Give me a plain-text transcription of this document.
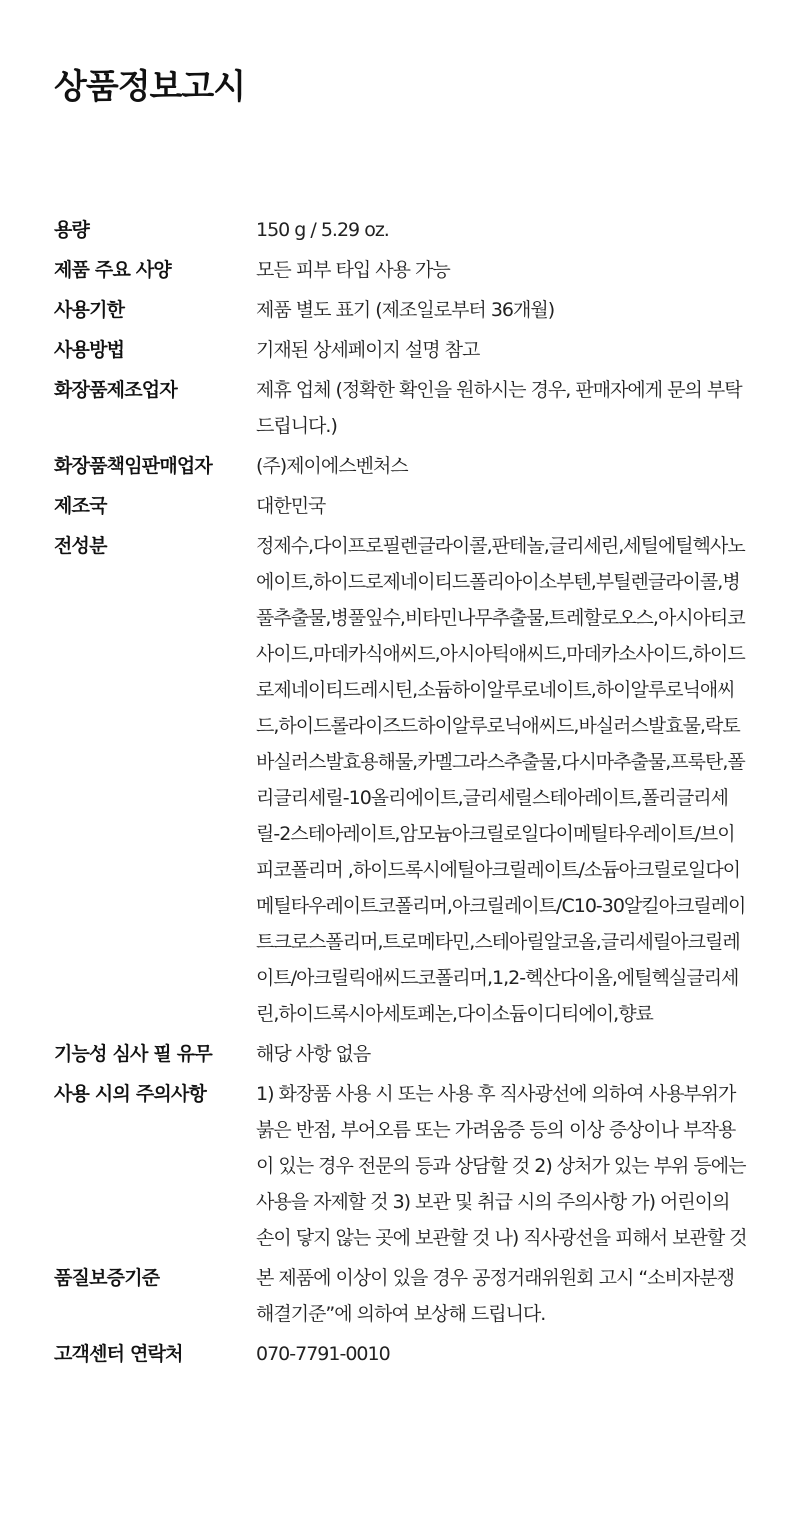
상품정보고시
용량	150 g / 5.29 oz.
제품 주요 사양	모든 피부 타입 사용 가능
사용기한	제품 별도 표기 (제조일로부터 36개월)
사용방법	기재된 상세페이지 설명 참고
화장품제조업자	제휴 업체 (정확한 확인을 원하시는 경우, 판매자에게 문의 부탁드립니다.)
화장품책임판매업자	(주)제이에스벤처스
제조국	대한민국
전성분	정제수,다이프로필렌글라이콜,판테놀,글리세린,세틸에틸헥사노에이트,하이드로제네이티드폴리아이소부텐,부틸렌글라이콜,병풀추출물,병풀잎수,비타민나무추출물,트레할로오스,아시아티코사이드,마데카식애씨드,아시아틱애씨드,마데카소사이드,하이드로제네이티드레시틴,소듐하이알루로네이트,하이알루로닉애씨드,하이드롤라이즈드하이알루로닉애씨드,바실러스발효물,락토바실러스발효용해물,카멜그라스추출물,다시마추출물,프룩탄,폴리글리세릴-10올리에이트,글리세릴스테아레이트,폴리글리세릴-2스테아레이트,암모늄아크릴로일다이메틸타우레이트/브이피코폴리머 ,하이드록시에틸아크릴레이트/소듐아크릴로일다이메틸타우레이트코폴리머,아크릴레이트/C10-30알킬아크릴레이트크로스폴리머,트로메타민,스테아릴알코올,글리세릴아크릴레이트/아크릴릭애씨드코폴리머,1,2-헥산다이올,에틸헥실글리세린,하이드록시아세토페논,다이소듐이디티에이,향료
기능성 심사 필 유무	해당 사항 없음
사용 시의 주의사항	1) 화장품 사용 시 또는 사용 후 직사광선에 의하여 사용부위가 붉은 반점, 부어오름 또는 가려움증 등의 이상 증상이나 부작용이 있는 경우 전문의 등과 상담할 것 2) 상처가 있는 부위 등에는 사용을 자제할 것 3) 보관 및 취급 시의 주의사항 가) 어린이의 손이 닿지 않는 곳에 보관할 것 나) 직사광선을 피해서 보관할 것
품질보증기준	본 제품에 이상이 있을 경우 공정거래위원회 고시 “소비자분쟁해결기준”에 의하여 보상해 드립니다.
고객센터 연락처	070-7791-0010
